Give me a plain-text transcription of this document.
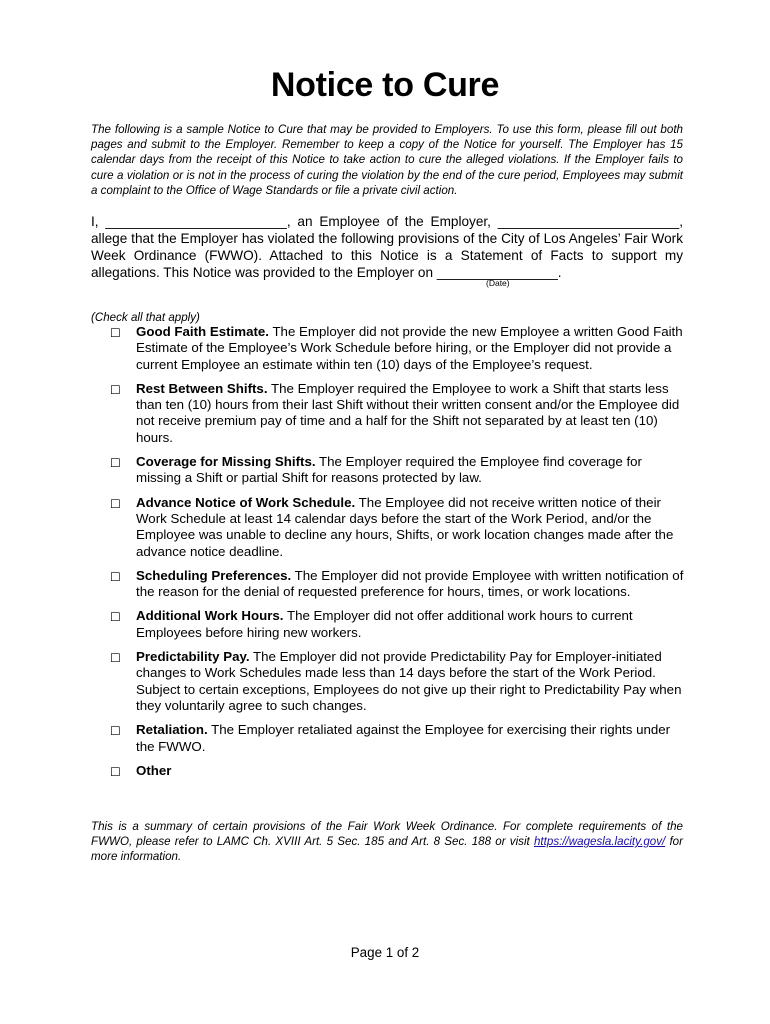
Notice to Cure
The following is a sample Notice to Cure that may be provided to Employers. To use this form, please fill out both pages and submit to the Employer. Remember to keep a copy of the Notice for yourself. The Employer has 15 calendar days from the receipt of this Notice to take action to cure the alleged violations. If the Employer fails to cure a violation or is not in the process of curing the violation by the end of the cure period, Employees may submit a complaint to the Office of Wage Standards or file a private civil action.
I, ________________________, an Employee of the Employer, ________________________, allege that the Employer has violated the following provisions of the City of Los Angeles’ Fair Work Week Ordinance (FWWO). Attached to this Notice is a Statement of Facts to support my allegations. This Notice was provided to the Employer on ________________.
(Date)
(Check all that apply)
☐ Good Faith Estimate. The Employer did not provide the new Employee a written Good Faith Estimate of the Employee’s Work Schedule before hiring, or the Employer did not provide a current Employee an estimate within ten (10) days of the Employee’s request.
☐ Rest Between Shifts. The Employer required the Employee to work a Shift that starts less than ten (10) hours from their last Shift without their written consent and/or the Employee did not receive premium pay of time and a half for the Shift not separated by at least ten (10) hours.
☐ Coverage for Missing Shifts. The Employer required the Employee find coverage for missing a Shift or partial Shift for reasons protected by law.
☐ Advance Notice of Work Schedule. The Employee did not receive written notice of their Work Schedule at least 14 calendar days before the start of the Work Period, and/or the Employee was unable to decline any hours, Shifts, or work location changes made after the advance notice deadline.
☐ Scheduling Preferences. The Employer did not provide Employee with written notification of the reason for the denial of requested preference for hours, times, or work locations.
☐ Additional Work Hours. The Employer did not offer additional work hours to current Employees before hiring new workers.
☐ Predictability Pay. The Employer did not provide Predictability Pay for Employer-initiated changes to Work Schedules made less than 14 days before the start of the Work Period. Subject to certain exceptions, Employees do not give up their right to Predictability Pay when they voluntarily agree to such changes.
☐ Retaliation. The Employer retaliated against the Employee for exercising their rights under the FWWO.
☐ Other
This is a summary of certain provisions of the Fair Work Week Ordinance. For complete requirements of the FWWO, please refer to LAMC Ch. XVIII Art. 5 Sec. 185 and Art. 8 Sec. 188 or visit https://wagesla.lacity.gov/ for more information.
Page 1 of 2
